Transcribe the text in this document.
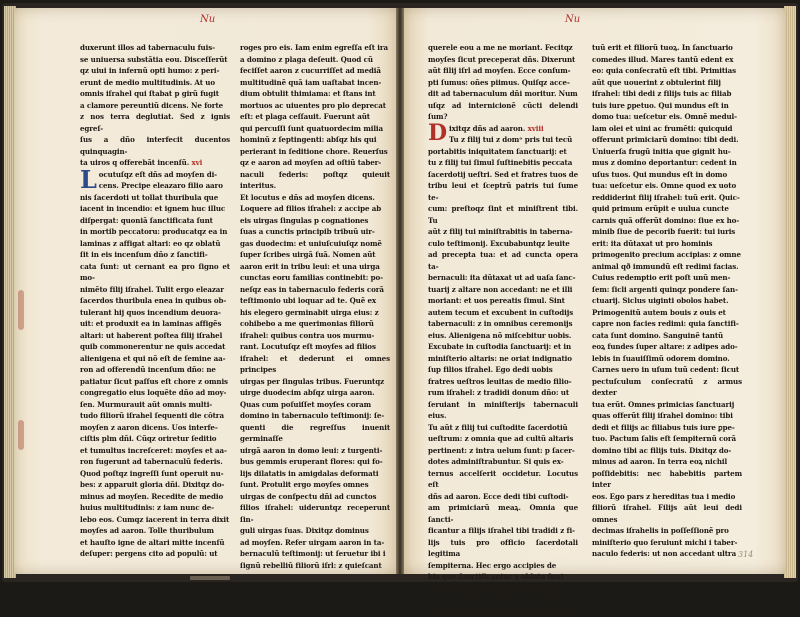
Nu	Nu

duxerunt illos ad tabernaculu fuis-

se uniuersa substãtia eou. Disceſſerũt

qz uiui in infernũ opti humo: z peri-

erunt de medio multitudinis. At uo

omnis iſrahel qui ſtabat p girũ fugit

a clamore pereuntiũ dicens. Ne forte

z nos terra deglutiat. Sed z ignis egreſ-

ſus a dño interfecit ducentos quinquagin-

ta uiros q offerebãt incenſũ. xvi

Locutuſqz eſt dñs ad moyſen di-

cens. Precipe eleazaro filio aaro

nis ſacerdoti ut tollat thuribula que

iacent in incendio: et ignem huc illuc

diſpergat: quoniã ſanctificata ſunt

in mortib peccatoru: producatqz ea in

laminas z affigat altari: eo qz oblatũ

ſit in eis incenſum dño z ſanctifi-

cata ſunt: ut cernant ea pro ſigno et mo-

nimẽto filij iſrahel. Tulit ergo eleazar

ſacerdos thuribula enea in quibus ob-

tulerant hij quos incendium deuora-

uit: et produxit ea in laminas affigẽs

altari: ut haberent poſtea filij iſrahel

quib commonerentur ne quis accedat

alienigena et qui nõ eſt de ſemine aa-

ron ad offerendũ incenſum dño: ne

patiatur ſicut paſſus eſt chore z omnis

congregatio eius loquẽte dño ad moy-

ſen. Murmurauit aũt omnis multi-

tudo filiorũ iſrahel ſequenti die côtra

moyſen z aaron dicens. Uos interfe-

ciſtis plm dñi. Cũqz oriretur ſeditio

et tumultus increſceret: moyſes et aa-

ron fugerunt ad tabernaculũ federis.

Quod poſtqz ingreſſi ſunt operuit nu-

bes: z apparuit gloria dñi. Dixitqz do-

minus ad moyſen. Recedite de medio

huius multitudinis: z iam nunc de-

lebo eos. Cumqz iacerent in terra dixit

moyſes ad aaron. Tolle thuribulum

et hauſto igne de altari mitte incenſũ

deſuper: pergens cito ad populũ: ut

roges pro eis. Iam enim egreſſa eſt ira

a domino z plaga deſeuit. Quod cũ

feciſſet aaron z cucurriſſet ad mediã

multitudinẽ quã iam uaſtabat incen-

dium obtulit thimiama: et ſtans int

mortuos ac uiuentes pro plo deprecat

eſt: et plaga ceſſauit. Fuerunt aũt

qui percuſſi ſunt quatuordecim milia

hominũ z ſeptingenti: abſqz his qui

perierant in ſeditione chore. Reuerſus

qz e aaron ad moyſen ad oſtiũ taber-

naculi federis: poſtqz quieuit interitus.

Et locutus e dñs ad moyſen dicens.

Loquere ad filios iſrahel: z accipe ab

eis uirgas ſingulas p cognationes

ſuas a cunctis principib tribuũ uir-

gas duodecim: et uniuſcuiuſqz nomẽ

ſuper ſcribes uirgã ſuã. Nomen aũt

aaron erit in tribu leui: et una uirga

cunctas eoru familias continebit: po-

neſqz eas in tabernaculo federis corã

teſtimonio ubi loquar ad te. Quẽ ex

his elegero germinabit uirga eius: z

cohibebo a me querimonias filiorũ

iſrahel: quibus contra uos murmu-

rant. Locutuſqz eſt moyſes ad filios

iſrahel: et dederunt ei omnes principes

uirgas per ſingulas tribus. Fueruntqz

uirge duodecim abſqz uirga aaron.

Quas cum poſuiſſet moyſes coram

domino in tabernaculo teſtimonij: ſe-

quenti die regreſſus inuenit germinaſſe

uirgã aaron in domo leui: z turgenti-

bus gemmis eruperant flores: qui fo-

lijs dilatatis in amigdalas deformati

ſunt. Protulit ergo moyſes omnes

uirgas de conſpectu dñi ad cunctos

filios iſrahel: uideruntqz receperunt ſin-

guli uirgas ſuas. Dixitqz dominus

ad moyſen. Refer uirgam aaron in ta-

bernaculũ teſtimonij: ut ſeruetur ibi i

ſignũ rebelliũ filiorũ iſrl: z quieſcant

querele eou a me ne moriant. Fecitqz

moyſes ſicut preceperat dñs. Dixerunt

aũt filij iſrl ad moyſen. Ecce conſum-

pti ſumus: oñes piimus. Quiſqz acce-

dit ad tabernaculum dñi moritur. Num

uſqz ad internicionẽ cũcti delendi ſum?

Dixitqz dñs ad aaron. xviii

Tu z filij tui z domᵒ pris tui tecũ

portabitis iniquitatem ſanctuarij: et

tu z filij tui ſimul ſuſtinebitis peccata

ſacerdotij ueſtri. Sed et fratres tuos de

tribu leui et ſceptrũ patris tui ſume te-

cum: preſtoqz ſint et miniſtrent tibi. Tu

aũt z filij tui miniſtrabitis in taberna-

culo teſtimonij. Excubabuntqz leuite

ad precepta tua: et ad cuncta opera ta-

bernaculi: ita dũtaxat ut ad uaſa ſanc-

tuarij z altare non accedant: ne et illi

moriant: et uos pereatis ſimul. Sint

autem tecum et excubent in cuſtodijs

tabernaculi: z in omnibus ceremonijs

eius. Alienigena nõ miſcebitur uobis.

Excubate in cuſtodia ſanctuarij: et in

miniſterio altaris: ne oriat indignatio

ſup filios iſrahel. Ego dedi uobis

fratres ueſtros leuitas de medio filio-

rum iſrahel: z tradidi donum dño: ut

ſeruiant in miniſterijs tabernaculi eius.

Tu aũt z filij tui cuſtodite ſacerdotiũ

ueſtrum: z omnia que ad cultũ altaris

pertinent: z intra uelum ſunt: p ſacer-

dotes adminiſtrabuntur. Si quis ex-

ternus accelſerit occidetur. Locutus eſt

dñs ad aaron. Ecce dedi tibi cuſtodi-

am primiciarũ meaꝝ. Omnia que ſancti-

ficantur a filijs iſrahel tibi tradidi z fi-

lijs tuis pro officio ſacerdotali legitima

ſempiterna. Hec ergo accipies de

his que ſanctificantur z oblata ſunt

domino. Omnis oblatio z ſacrificiũ

et quicquid p peccato atqz delicto red-

ditur michi z cedet in ſancta ſanctorũ:

tuũ erit et filiorũ tuoꝝ. In ſanctuario

comedes illud. Mares tantũ edent ex

eo: quia conſecratũ eſt tibi. Primitias

aũt que uouerint z obtulerint filij

iſrahel: tibi dedi z filijs tuis ac filiab

tuis iure ꝑpetuo. Qui mundus eſt in

domo tua: ueſcetur eis. Omnẽ medul-

lam olei et uini ac frumẽti: quicquid

offerunt primiciarũ domino: tibi dedi.

Uniuerſa frugũ initia que gignit hu-

mus z domino deportantur: cedent in

uſus tuos. Qui mundus eſt in domo

tua: ueſcetur eis. Omne quod ex uoto

reddiderint filij iſrahel: tuũ erit. Quic-

quid primum erũpit e uulua cuncte

carnis quã offerũt domino: ſiue ex ho-

minib ſiue de pecorib fuerit: tui iuris

erit: ita dũtaxat ut pro hominis

primogenito precium accipias: z omne

animal qð immundũ eſt redimi facias.

Cuius redemptio erit poſt unũ men-

ſem: ſicli argenti quinqz pondere ſan-

ctuarij. Siclus uiginti obolos habet.

Primogenitũ autem bouis z ouis et

capre non facies redimi: quia ſanctifi-

cata ſunt domino. Sanguinẽ tantũ

eoꝝ fundes ſuper altare: z adipes ado-

lebis in ſuauiſſimũ odorem domino.

Carnes uero in uſum tuũ cedent: ſicut

pectuſculum conſecratũ z armus dexter

tua erũt. Omnes primicias ſanctuarij

quas offerũt filij iſrahel domino: tibi

dedi et filijs ac filiabus tuis iure ꝑpe-

tuo. Pactum ſalis eſt ſempiternũ corã

domino tibi ac filijs tuis. Dixitqz do-

minus ad aaron. In terra eoꝝ nichil

poſſidebitis: nec habebitis partem inter

eos. Ego pars z hereditas tua i medio

filiorũ iſrahel. Filijs aũt leui dedi omnes

decimas iſrahelis in poſſeſſionẽ pro

miniſterio quo ſeruiunt michi i taber-

naculo federis: ut non accedant ultra 314
